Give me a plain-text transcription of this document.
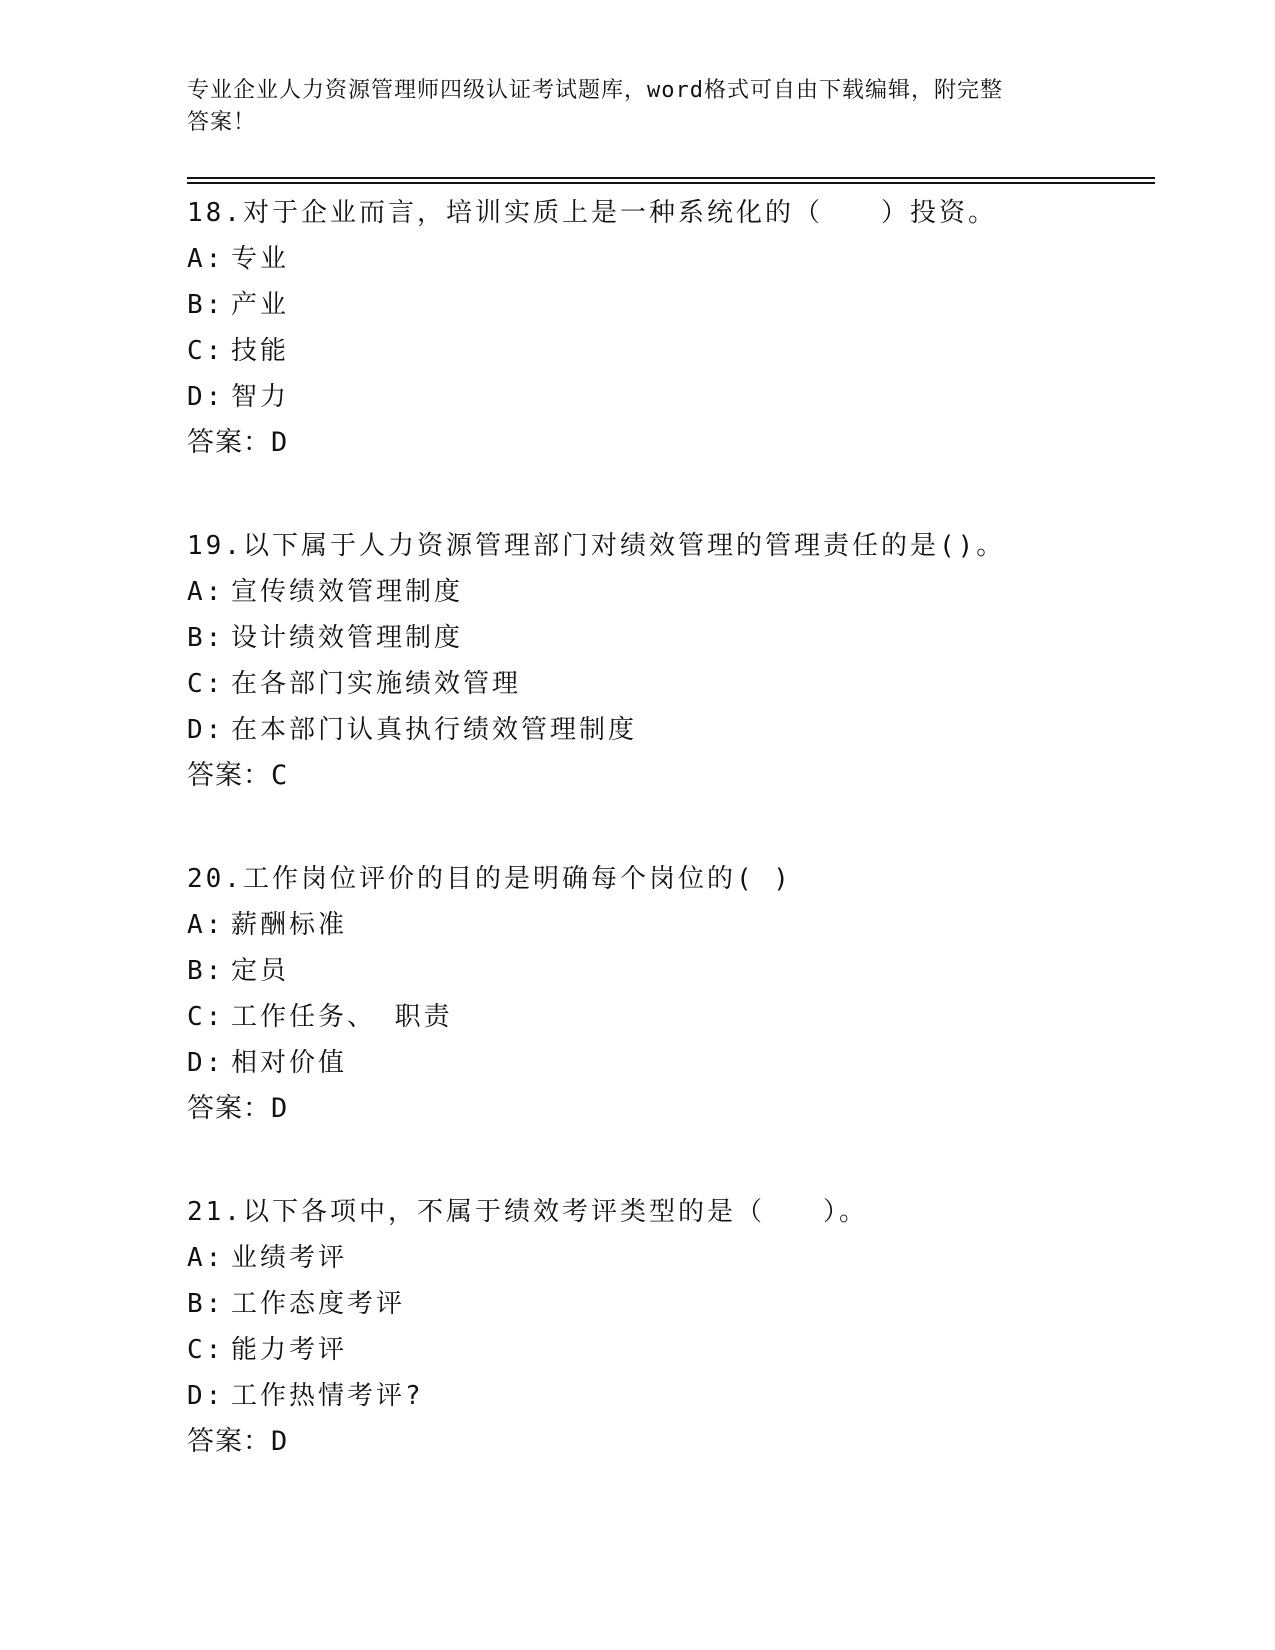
专业企业人力资源管理师四级认证考试题库，word格式可自由下载编辑，附完整
答案！
18.对于企业而言，培训实质上是一种系统化的（　　）投资。
A: 专业
B: 产业
C: 技能
D: 智力
答案：D
19.以下属于人力资源管理部门对绩效管理的管理责任的是()。
A: 宣传绩效管理制度
B: 设计绩效管理制度
C: 在各部门实施绩效管理
D: 在本部门认真执行绩效管理制度
答案：C
20.工作岗位评价的目的是明确每个岗位的( )
A: 薪酬标准
B: 定员
C: 工作任务、 职责
D: 相对价值
答案：D
21.以下各项中，不属于绩效考评类型的是（　　）。
A: 业绩考评
B: 工作态度考评
C: 能力考评
D: 工作热情考评?
答案：D
